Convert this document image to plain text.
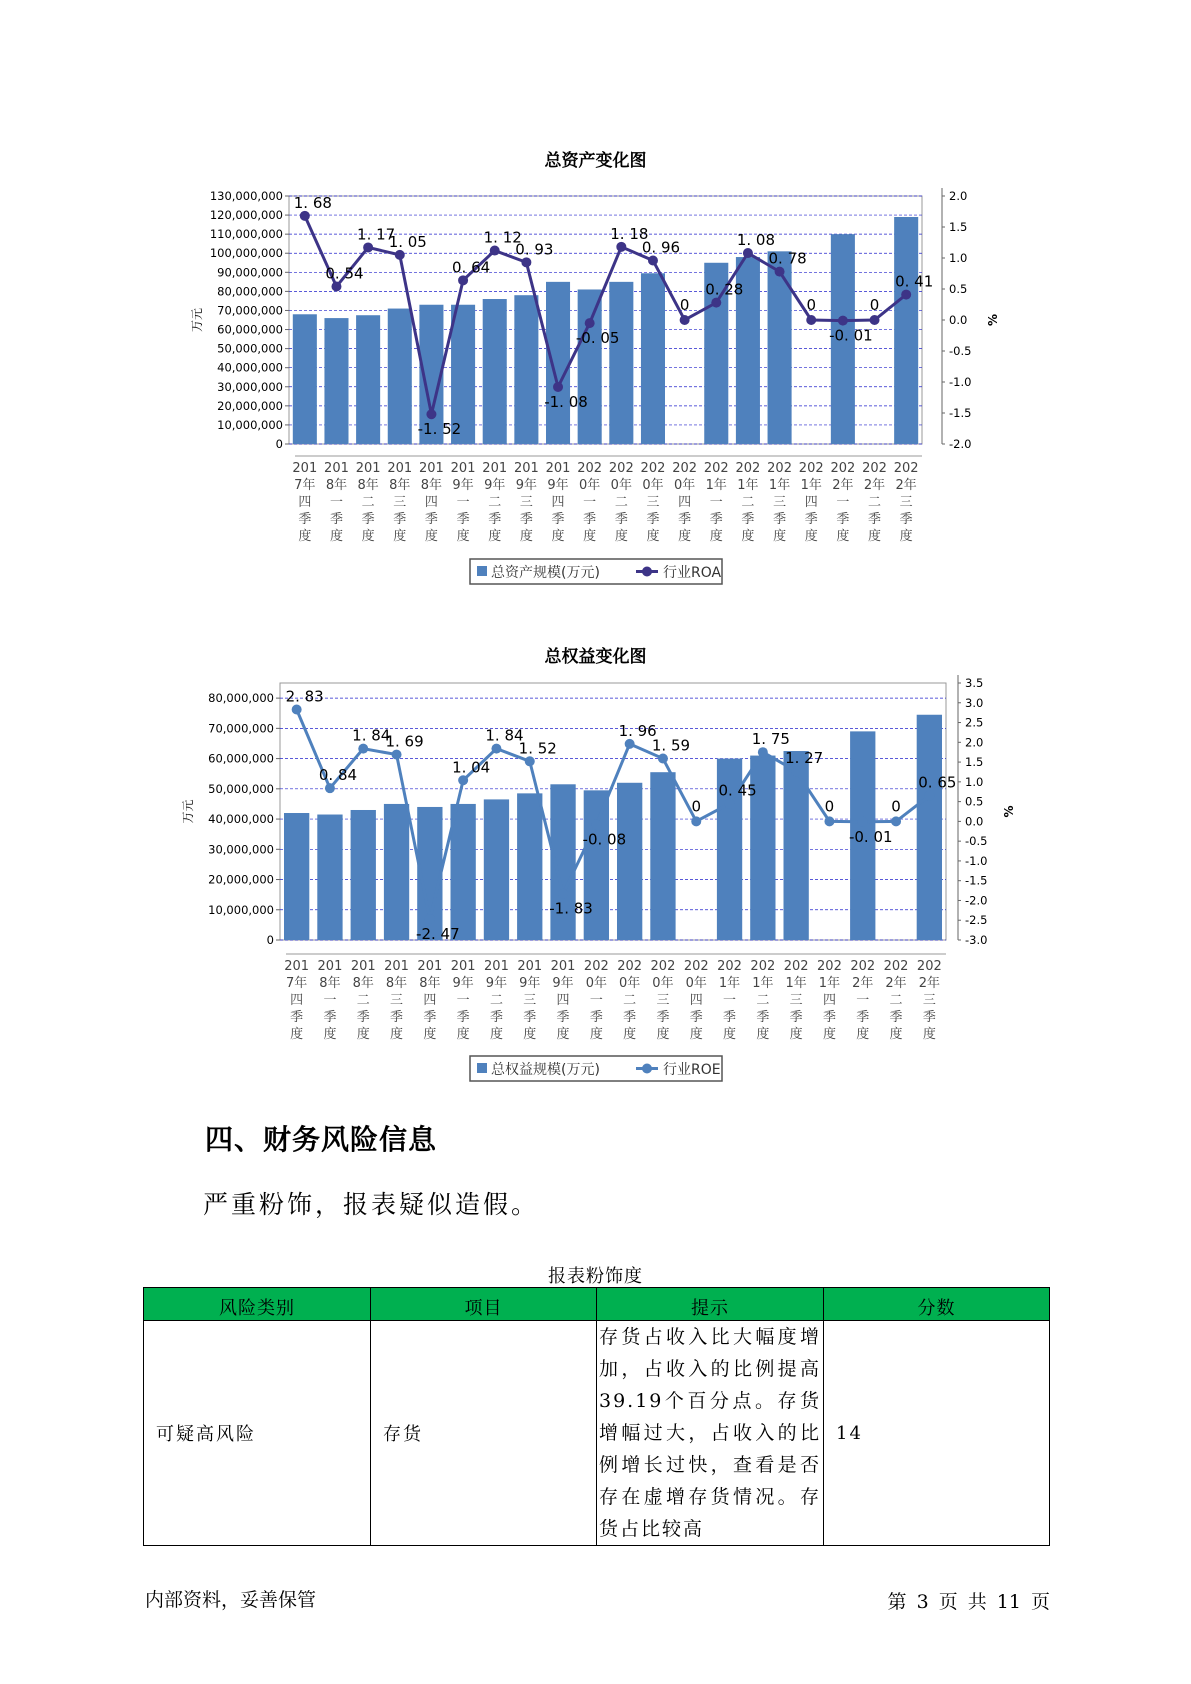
总资产变化图
130,000,000
120,000,000
110,000,000
100,000,000
90,000,000
80,000,000
70,000,000
60,000,000
50,000,000
40,000,000
30,000,000
20,000,000
10,000,000
0
2.0
1.5
1.0
0.5
0.0
-0.5
-1.0
-1.5
-2.0
万元	%
1. 68
0. 54
1. 17
1. 05
-1. 52
0. 64
1. 12
0. 93
-1. 08
-0. 05
1. 18
0. 96
0
0. 28
1. 08
0. 78
0
-0. 01
0
0. 41
201
7年
四
季
度
201
8年
一
季
度
201
8年
二
季
度
201
8年
三
季
度
201
8年
四
季
度
201
9年
一
季
度
201
9年
二
季
度
201
9年
三
季
度
201
9年
四
季
度
202
0年
一
季
度
202
0年
二
季
度
202
0年
三
季
度
202
0年
四
季
度
202
1年
一
季
度
202
1年
二
季
度
202
1年
三
季
度
202
1年
四
季
度
202
2年
一
季
度
202
2年
二
季
度
202
2年
三
季
度
总资产规模(万元)	行业ROA
总权益变化图
80,000,000
70,000,000
60,000,000
50,000,000
40,000,000
30,000,000
20,000,000
10,000,000
0
3.5
3.0
2.5
2.0
1.5
1.0
0.5
0.0
-0.5
-1.0
-1.5
-2.0
-2.5
-3.0
万元	%
2. 83
0. 84
1. 84
1. 69
-2. 47
1. 04
1. 84
1. 52
-1. 83
-0. 08
1. 96
1. 59
0
0. 45
1. 75
1. 27
0
-0. 01
0
0. 65
201
7年
四
季
度
201
8年
一
季
度
201
8年
二
季
度
201
8年
三
季
度
201
8年
四
季
度
201
9年
一
季
度
201
9年
二
季
度
201
9年
三
季
度
201
9年
四
季
度
202
0年
一
季
度
202
0年
二
季
度
202
0年
三
季
度
202
0年
四
季
度
202
1年
一
季
度
202
1年
二
季
度
202
1年
三
季
度
202
1年
四
季
度
202
2年
一
季
度
202
2年
二
季
度
202
2年
三
季
度
总权益规模(万元)	行业ROE
四、财务风险信息
严重粉饰，报表疑似造假。
报表粉饰度
风险类别	项目	提示	分数
可疑高风险	存货	存货占收入比大幅度增加，占收入的比例提高39.19个百分点。存货增幅过大，占收入的比例增长过快，查看是否存在虚增存货情况。存货占比较高	14
内部资料，妥善保管	第 3 页 共 11 页
